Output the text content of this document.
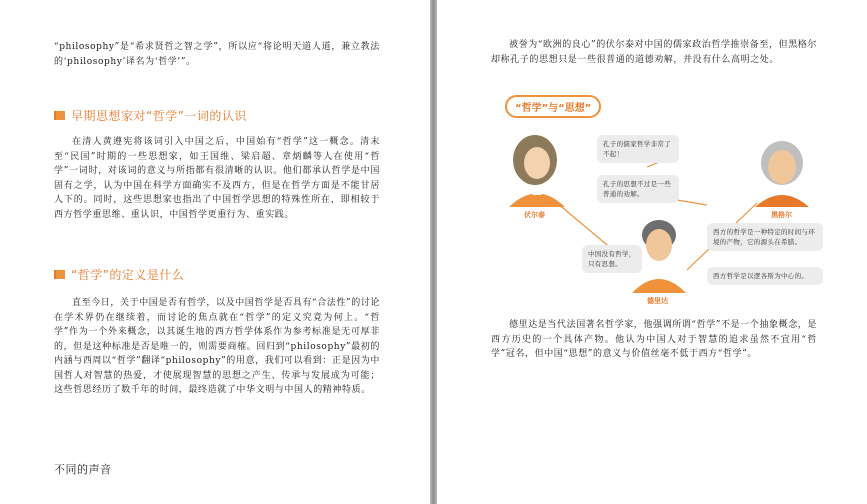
“philosophy”是“希求贤哲之智之学”，所以应“将论明天道人道，兼立教法的‘philosophy’译名为‘哲学’”。

早期思想家对“哲学”一词的认识

在清人黄遵宪将该词引入中国之后，中国始有“哲学”这一概念。清末至“民国”时期的一些思想家，如王国维、梁启超、章炳麟等人在使用“哲学”一词时，对该词的意义与所指都有很清晰的认识。他们都承认哲学是中国固有之学，认为中国在科学方面确实不及西方，但是在哲学方面是不能甘居人下的。同时，这些思想家也指出了中国哲学思想的特殊性所在，即相较于西方哲学重思维、重认识，中国哲学更重行为、重实践。

“哲学”的定义是什么

直至今日，关于中国是否有哲学，以及中国哲学是否具有“合法性”的讨论在学术界仍在继续着，而讨论的焦点就在“哲学”的定义究竟为何上。“哲学”作为一个外来概念，以其诞生地的西方哲学体系作为参考标准是无可厚非的，但是这种标准是否是唯一的，则需要商榷。回归到“philosophy”最初的内涵与西周以“哲学”翻译“philosophy”的用意，我们可以看到：正是因为中国哲人对智慧的热爱，才使展现智慧的思想之产生、传承与发展成为可能；这些哲思经历了数千年的时间，最终造就了中华文明与中国人的精神特质。

不同的声音

被誉为“欧洲的良心”的伏尔泰对中国的儒家政治哲学推崇备至，但黑格尔却称孔子的思想只是一些很普通的道德劝解，并没有什么高明之处。

“哲学”与“思想”
孔子的儒家哲学非常了不起！
孔子的思想不过是一些普通的劝解。
中国没有哲学，只有思想。
西方的哲学是一种特定的时间与环境的产物，它的源头在希腊。
西方哲学是以逻各斯为中心的。
伏尔泰	黑格尔
德里达

德里达是当代法国著名哲学家，他强调所谓“哲学”不是一个抽象概念，是西方历史的一个具体产物。他认为中国人对于智慧的追求虽然不宜用“哲学”冠名，但中国“思想”的意义与价值丝毫不低于西方“哲学”。
